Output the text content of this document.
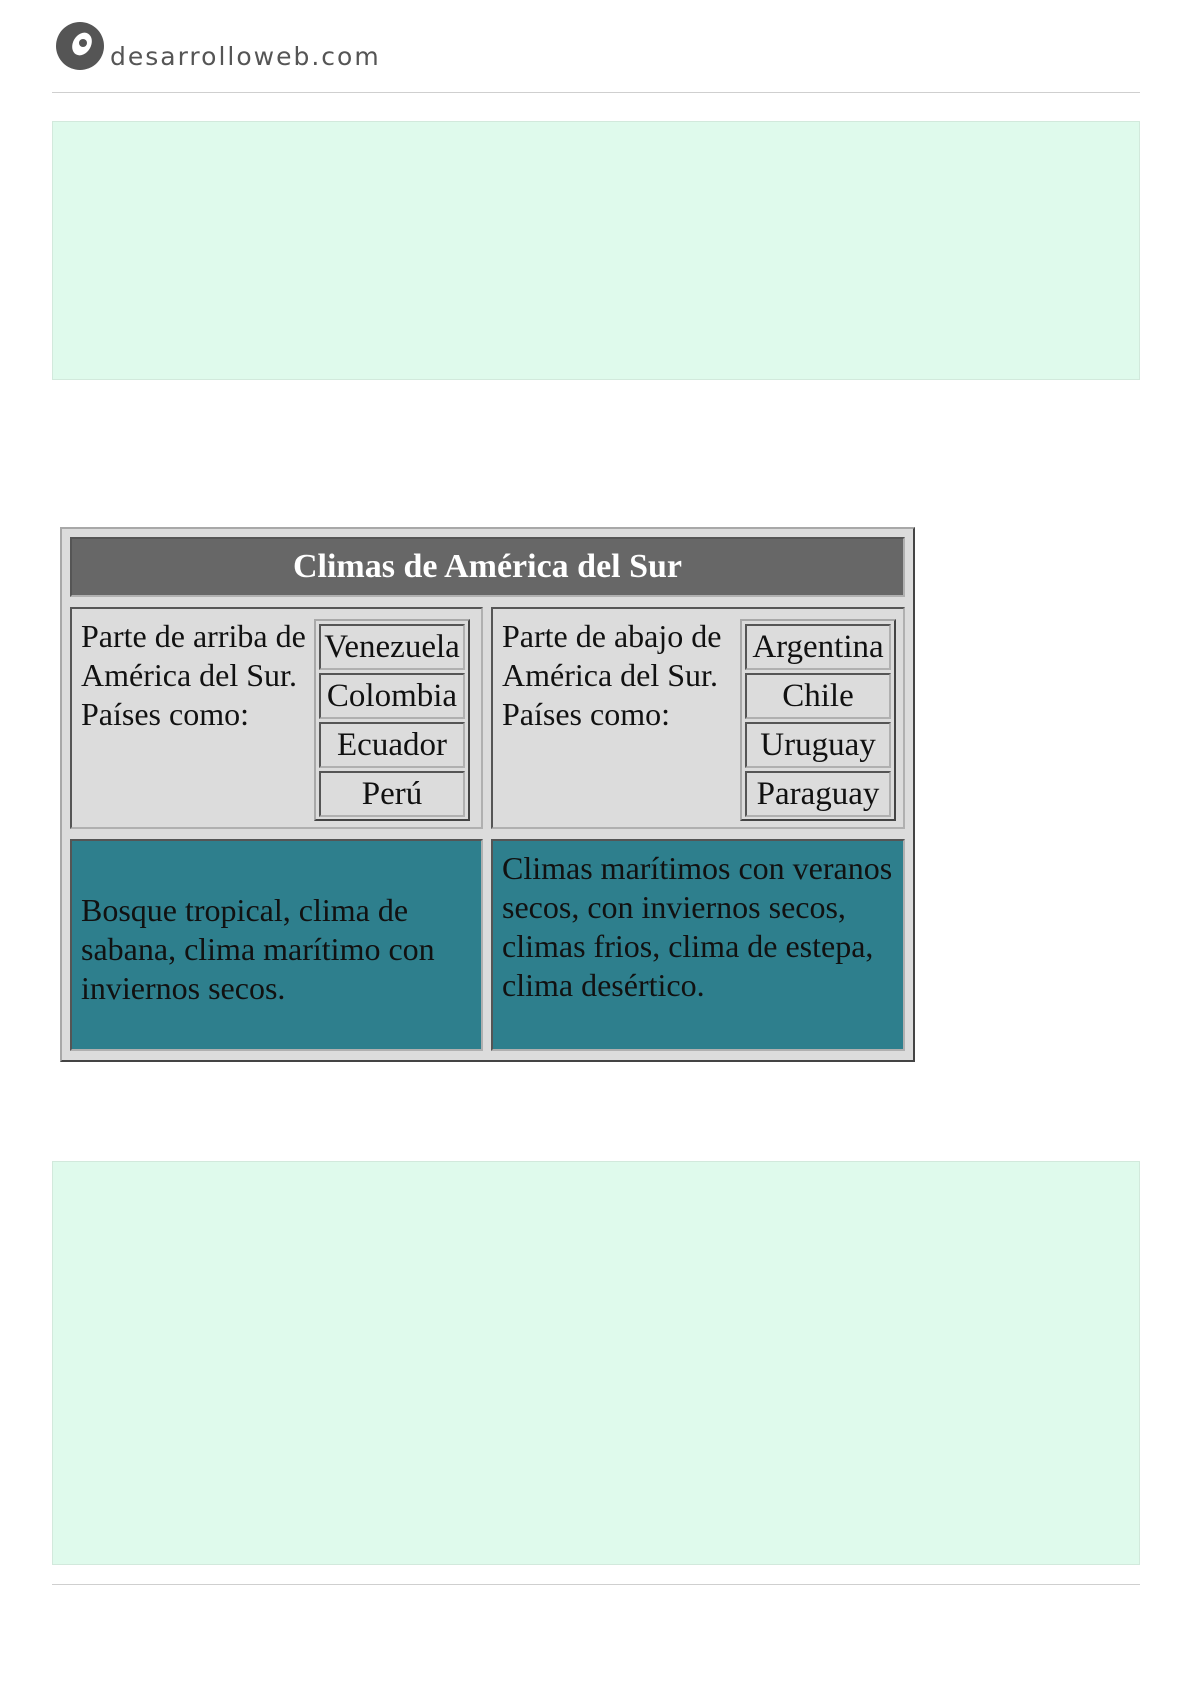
desarrolloweb.com
Climas de América del Sur
Parte de arriba de América del Sur. Países como:
Venezuela
Colombia
Ecuador
Perú
Parte de abajo de América del Sur. Países como:
Argentina
Chile
Uruguay
Paraguay
Bosque tropical, clima de sabana, clima marítimo con inviernos secos.
Climas marítimos con veranos secos, con inviernos secos, climas frios, clima de estepa, clima desértico.
